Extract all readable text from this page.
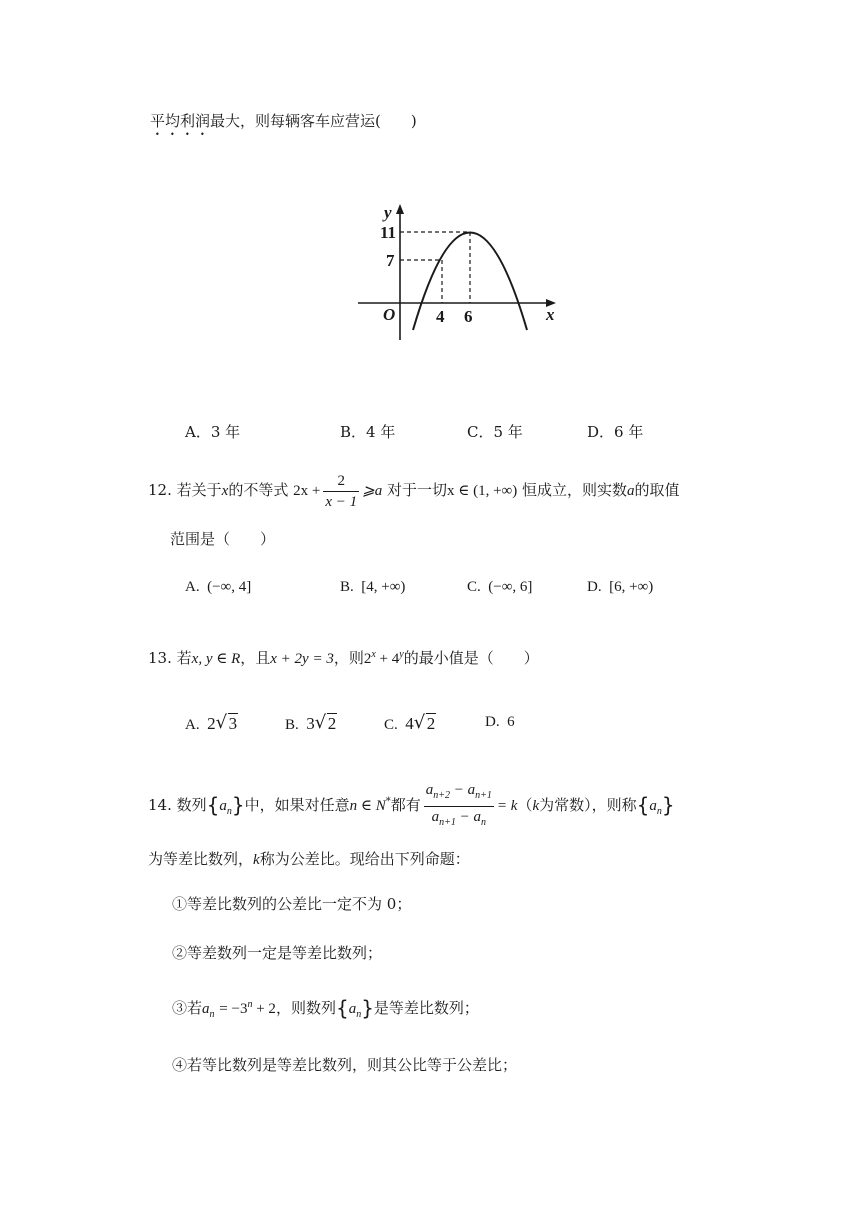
平均利润最大，则每辆客车应营运(　　)
y
x
O
11
7
4 6
A．3 年	B．4 年	C．5 年	D．6 年
12. 若关于x的不等式 $2x + \frac{2}{x - 1}$ ⩾a 对于一切x ∈ (1, +∞) 恒成立，则实数a的取值
范围是（　　）
A. (−∞, 4]	B. [4, +∞)	C. (−∞, 6]	D. [6, +∞)
13. 若x, y ∈ R，且x + 2y = 3，则$2^x + 4^y$的最小值是（　　）
A. 2 √ 3	B. 3 √ 2	C. 4 √ 2	D. 6
14. 数列$\{a_n\}$中，如果对任意n ∈ N*都有 $\frac{a_{n+2} - a_{n+1}}{a_{n+1} - a_n} = k(k$为常数），则称$\{a_n\}$
为等差比数列，k称为公差比。现给出下列命题：
①等差比数列的公差比一定不为 0；
②等差数列一定是等差比数列；
③若$a_n = -3^n + 2$，则数列$\{a_n\}$是等差比数列；
④若等比数列是等差比数列，则其公比等于公差比；
